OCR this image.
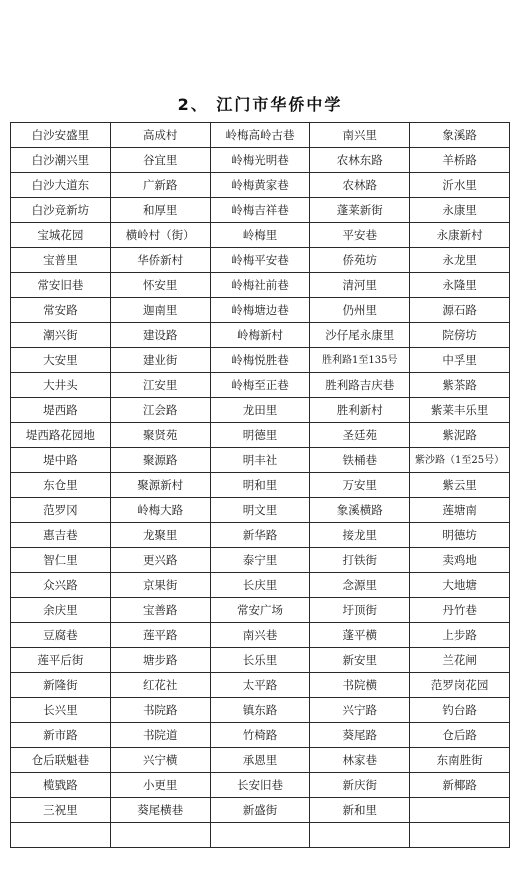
2、 江门市华侨中学
白沙安盛里	高成村	岭梅高岭古巷	南兴里	象溪路
白沙潮兴里	谷宜里	岭梅光明巷	农林东路	羊桥路
白沙大道东	广新路	岭梅黄家巷	农林路	沂水里
白沙竞新坊	和厚里	岭梅吉祥巷	蓬莱新街	永康里
宝城花园	横岭村（街）	岭梅里	平安巷	永康新村
宝普里	华侨新村	岭梅平安巷	侨苑坊	永龙里
常安旧巷	怀安里	岭梅社前巷	清河里	永隆里
常安路	迦南里	岭梅塘边巷	仍州里	源石路
潮兴街	建设路	岭梅新村	沙仔尾永康里	院傍坊
大安里	建业街	岭梅悦胜巷	胜利路1至135号	中孚里
大井头	江安里	岭梅至正巷	胜利路吉庆巷	紫茶路
堤西路	江会路	龙田里	胜利新村	紫莱丰乐里
堤西路花园地	聚贤苑	明德里	圣廷苑	紫泥路
堤中路	聚源路	明丰社	铁桶巷	紫沙路（1至25号）
东仓里	聚源新村	明和里	万安里	紫云里
范罗冈	岭梅大路	明文里	象溪横路	莲塘南
惠吉巷	龙聚里	新华路	接龙里	明德坊
智仁里	更兴路	泰宁里	打铁街	卖鸡地
众兴路	京果街	长庆里	念源里	大地塘
余庆里	宝善路	常安广场	圩顶街	丹竹巷
豆腐巷	莲平路	南兴巷	蓬平横	上步路
莲平后街	塘步路	长乐里	新安里	兰花闸
新隆街	红花社	太平路	书院横	范罗岗花园
长兴里	书院路	镇东路	兴宁路	钓台路
新市路	书院道	竹椅路	葵尾路	仓后路
仓后联魁巷	兴宁横	承恩里	林家巷	东南胜街
榄戥路	小更里	长安旧巷	新庆街	新椰路
三祝里	葵尾横巷	新盛街	新和里	
